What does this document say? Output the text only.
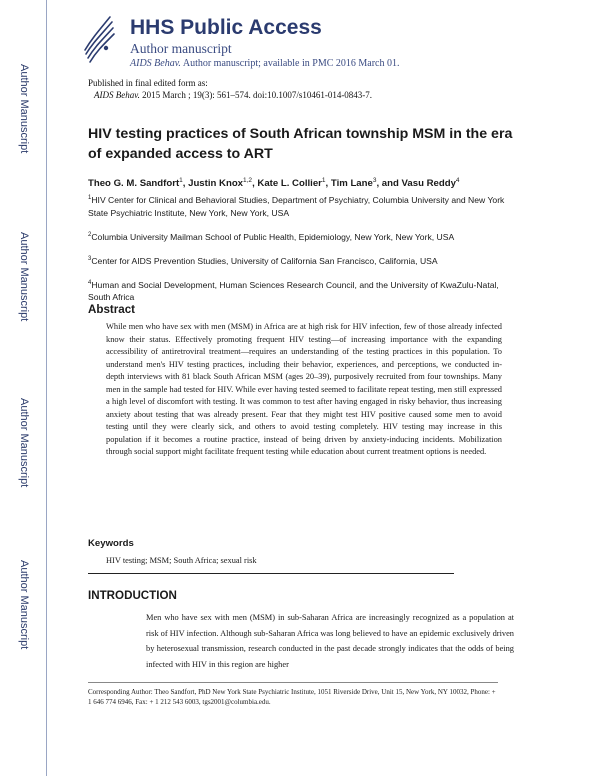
Author Manuscript
Author Manuscript
Author Manuscript
Author Manuscript
HHS Public Access
Author manuscript
AIDS Behav. Author manuscript; available in PMC 2016 March 01.
Published in final edited form as:
AIDS Behav. 2015 March ; 19(3): 561–574. doi:10.1007/s10461-014-0843-7.
HIV testing practices of South African township MSM in the era of expanded access to ART
Theo G. M. Sandfort$^1$, Justin Knox$^{1,2}$, Kate L. Collier$^1$, Tim Lane$^3$, and Vasu Reddy$^4$
$^1$HIV Center for Clinical and Behavioral Studies, Department of Psychiatry, Columbia University and New York State Psychiatric Institute, New York, New York, USA
$^2$Columbia University Mailman School of Public Health, Epidemiology, New York, New York, USA
$^3$Center for AIDS Prevention Studies, University of California San Francisco, California, USA
$^4$Human and Social Development, Human Sciences Research Council, and the University of KwaZulu-Natal, South Africa
Abstract
While men who have sex with men (MSM) in Africa are at high risk for HIV infection, few of those already infected know their status. Effectively promoting frequent HIV testing—of increasing importance with the expanding accessibility of antiretroviral treatment—requires an understanding of the testing practices in this population. To understand men's HIV testing practices, including their behavior, experiences, and perceptions, we conducted in-depth interviews with 81 black South African MSM (ages 20–39), purposively recruited from four townships. Many men in the sample had tested for HIV. While ever having tested seemed to facilitate repeat testing, men still expressed a high level of discomfort with testing. It was common to test after having engaged in risky behavior, thus increasing anxiety about testing that was already present. Fear that they might test HIV positive caused some men to avoid testing until they were clearly sick, and others to avoid testing completely. HIV testing may increase in this population if it becomes a routine practice, instead of being driven by anxiety-inducing incidents. Mobilization through social support might facilitate frequent testing while education about current treatment options is needed.
Keywords
HIV testing; MSM; South Africa; sexual risk
INTRODUCTION
Men who have sex with men (MSM) in sub-Saharan Africa are increasingly recognized as a population at risk of HIV infection. Although sub-Saharan Africa was long believed to have an epidemic exclusively driven by heterosexual transmission, research conducted in the past decade strongly indicates that the odds of being infected with HIV in this region are higher
Corresponding Author: Theo Sandfort, PhD New York State Psychiatric Institute, 1051 Riverside Drive, Unit 15, New York, NY 10032, Phone: + 1 646 774 6946, Fax: + 1 212 543 6003, tgs2001@columbia.edu.
